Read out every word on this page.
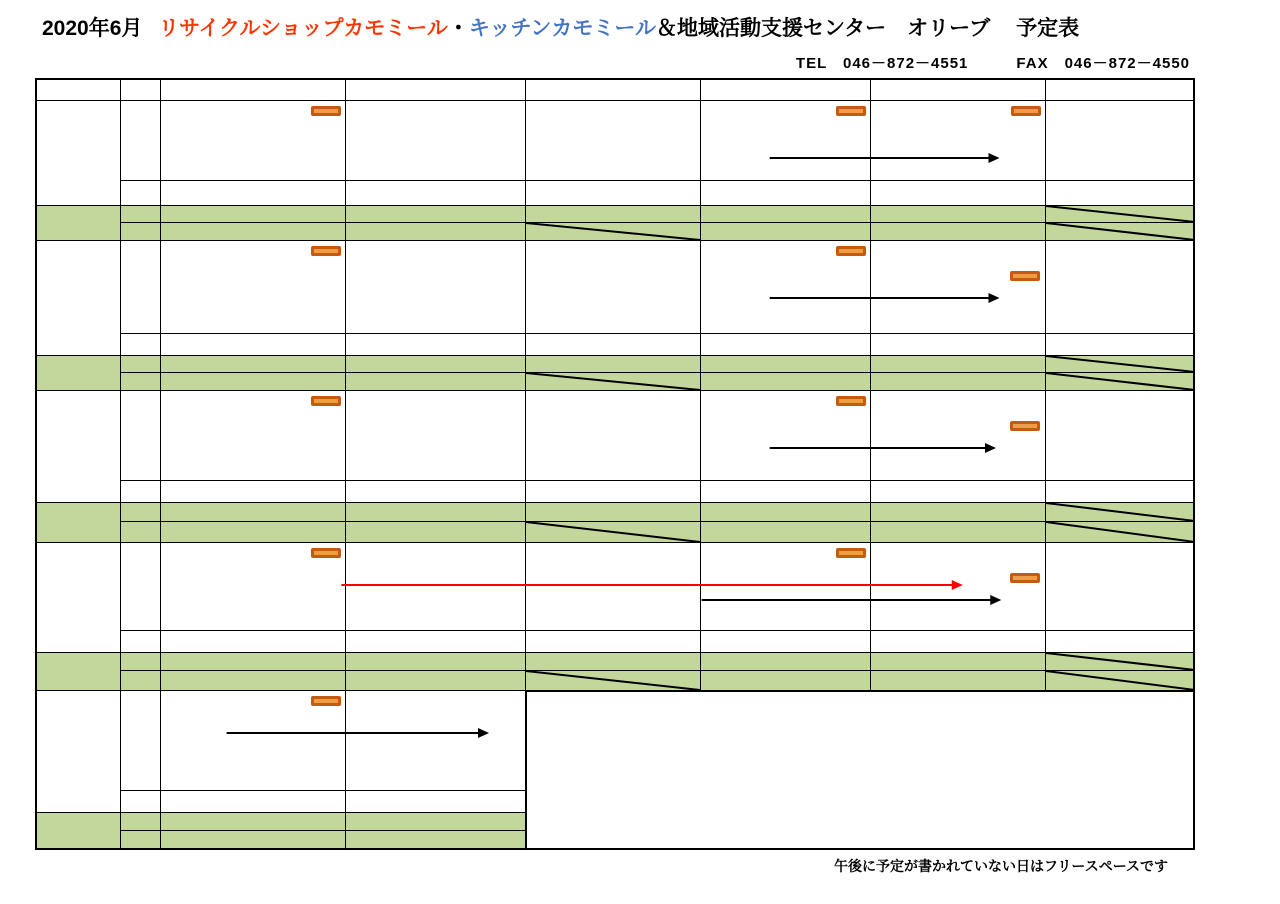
2020年6月 リサイクルショップカモミール・キッチンカモミール＆地域活動支援センター　オリーブ 予定表
TEL　046－872－4551　　　FAX　046－872－4550
午後に予定が書かれていない日はフリースペースです
